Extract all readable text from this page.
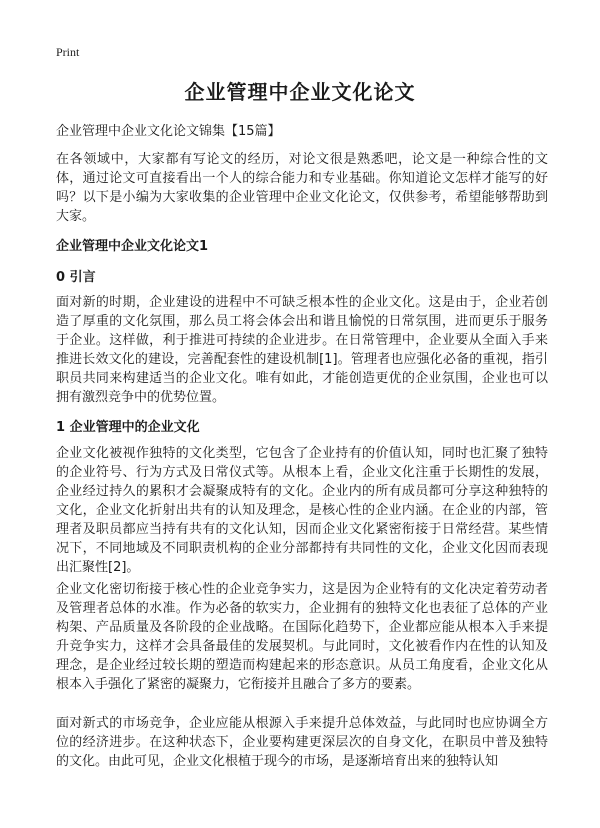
Print
企业管理中企业文化论文
企业管理中企业文化论文锦集【15篇】
在各领域中，大家都有写论文的经历，对论文很是熟悉吧，论文是一种综合性的文体，通过论文可直接看出一个人的综合能力和专业基础。你知道论文怎样才能写的好吗？以下是小编为大家收集的企业管理中企业文化论文，仅供参考，希望能够帮助到大家。
企业管理中企业文化论文1
0 引言
面对新的时期，企业建设的进程中不可缺乏根本性的企业文化。这是由于，企业若创造了厚重的文化氛围，那么员工将会体会出和谐且愉悦的日常氛围，进而更乐于服务于企业。这样做，利于推进可持续的企业进步。在日常管理中，企业要从全面入手来推进长效文化的建设，完善配套性的建设机制[1]。管理者也应强化必备的重视，指引职员共同来构建适当的企业文化。唯有如此，才能创造更优的企业氛围，企业也可以拥有激烈竞争中的优势位置。
1 企业管理中的企业文化
企业文化被视作独特的文化类型，它包含了企业持有的价值认知，同时也汇聚了独特的企业符号、行为方式及日常仪式等。从根本上看，企业文化注重于长期性的发展，企业经过持久的累积才会凝聚成特有的文化。企业内的所有成员都可分享这种独特的文化，企业文化折射出共有的认知及理念，是核心性的企业内涵。在企业的内部，管理者及职员都应当持有共有的文化认知，因而企业文化紧密衔接于日常经营。某些情况下，不同地域及不同职责机构的企业分部都持有共同性的文化，企业文化因而表现出汇聚性[2]。
企业文化密切衔接于核心性的企业竞争实力，这是因为企业特有的文化决定着劳动者及管理者总体的水准。作为必备的软实力，企业拥有的独特文化也表征了总体的产业构架、产品质量及各阶段的企业战略。在国际化趋势下，企业都应能从根本入手来提升竞争实力，这样才会具备最佳的发展契机。与此同时，文化被看作内在性的认知及理念，是企业经过较长期的塑造而构建起来的形态意识。从员工角度看，企业文化从根本入手强化了紧密的凝聚力，它衔接并且融合了多方的要素。
面对新式的市场竞争，企业应能从根源入手来提升总体效益，与此同时也应协调全方位的经济进步。在这种状态下，企业要构建更深层次的自身文化，在职员中普及独特的文化。由此可见，企业文化根植于现今的市场，是逐渐培育出来的独特认知
